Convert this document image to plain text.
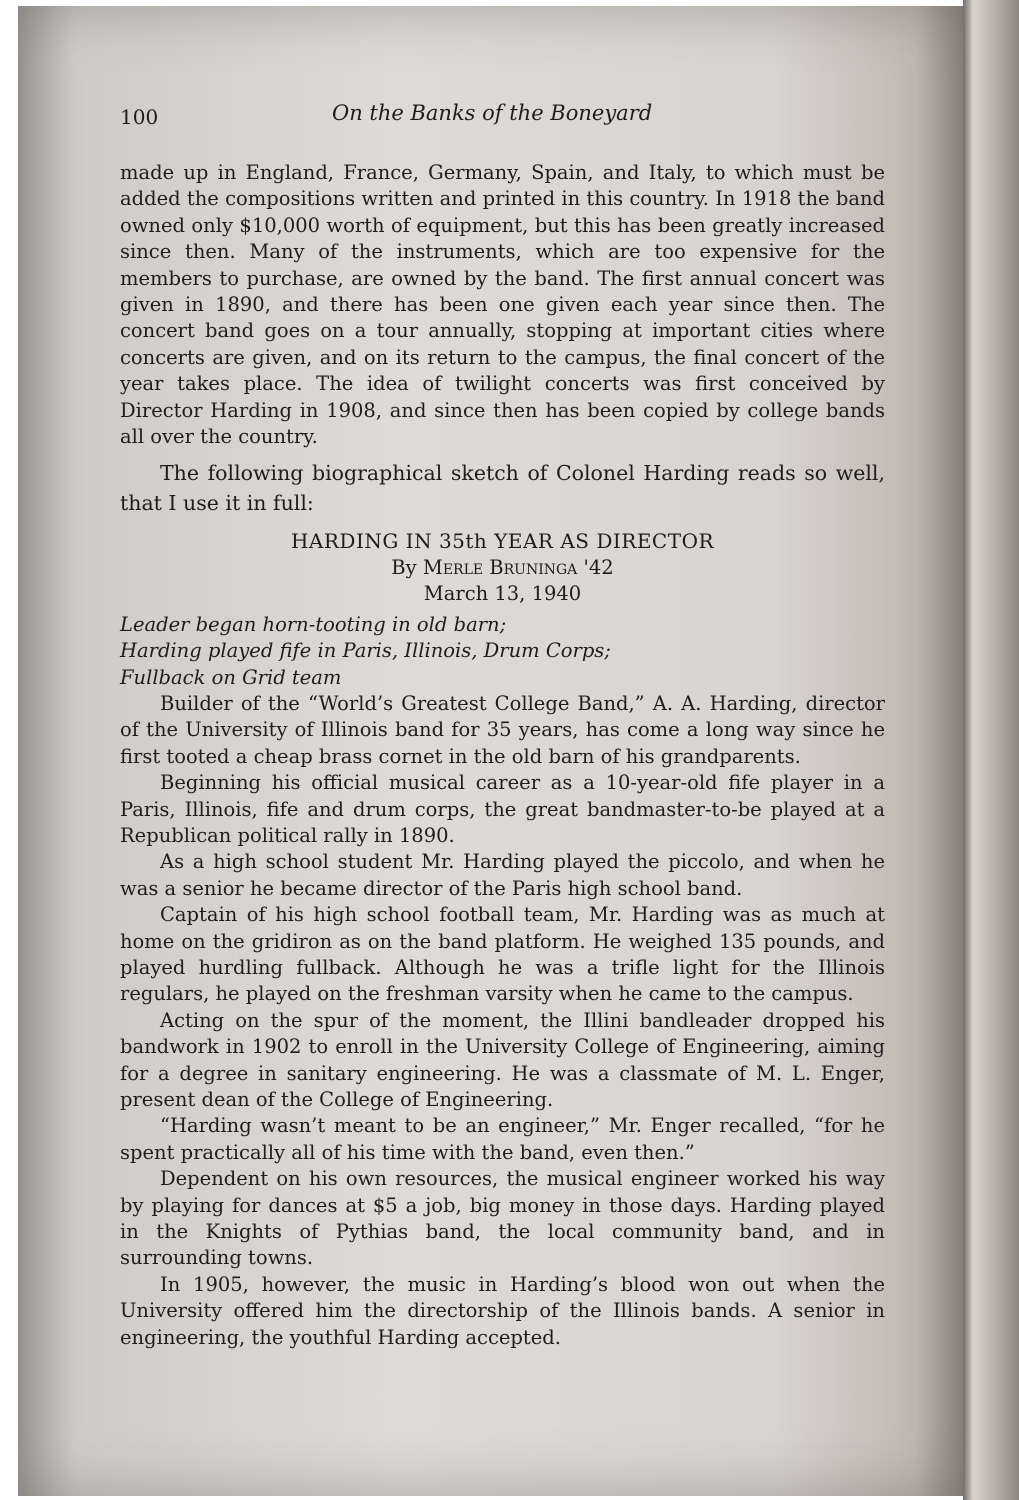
100	On the Banks of the Boneyard

made up in England, France, Germany, Spain, and Italy, to which must be added the compositions written and printed in this country. In 1918 the band owned only $10,000 worth of equipment, but this has been greatly increased since then. Many of the instruments, which are too expensive for the members to purchase, are owned by the band. The first annual concert was given in 1890, and there has been one given each year since then. The concert band goes on a tour annually, stopping at important cities where concerts are given, and on its return to the campus, the final concert of the year takes place. The idea of twilight concerts was first conceived by Director Harding in 1908, and since then has been copied by college bands all over the country.

The following biographical sketch of Colonel Harding reads so well, that I use it in full:

HARDING IN 35th YEAR AS DIRECTOR
By Merle Bruninga '42
March 13, 1940
Leader began horn-tooting in old barn;
Harding played fife in Paris, Illinois, Drum Corps;
Fullback on Grid team

Builder of the “World’s Greatest College Band,” A. A. Harding, director of the University of Illinois band for 35 years, has come a long way since he first tooted a cheap brass cornet in the old barn of his grandparents.

Beginning his official musical career as a 10-year-old fife player in a Paris, Illinois, fife and drum corps, the great bandmaster-to-be played at a Republican political rally in 1890.

As a high school student Mr. Harding played the piccolo, and when he was a senior he became director of the Paris high school band.

Captain of his high school football team, Mr. Harding was as much at home on the gridiron as on the band platform. He weighed 135 pounds, and played hurdling fullback. Although he was a trifle light for the Illinois regulars, he played on the freshman varsity when he came to the campus.

Acting on the spur of the moment, the Illini bandleader dropped his bandwork in 1902 to enroll in the University College of Engineering, aiming for a degree in sanitary engineering. He was a classmate of M. L. Enger, present dean of the College of Engineering.

“Harding wasn’t meant to be an engineer,” Mr. Enger recalled, “for he spent practically all of his time with the band, even then.”

Dependent on his own resources, the musical engineer worked his way by playing for dances at $5 a job, big money in those days. Harding played in the Knights of Pythias band, the local community band, and in surrounding towns.

In 1905, however, the music in Harding’s blood won out when the University offered him the directorship of the Illinois bands. A senior in engineering, the youthful Harding accepted.
